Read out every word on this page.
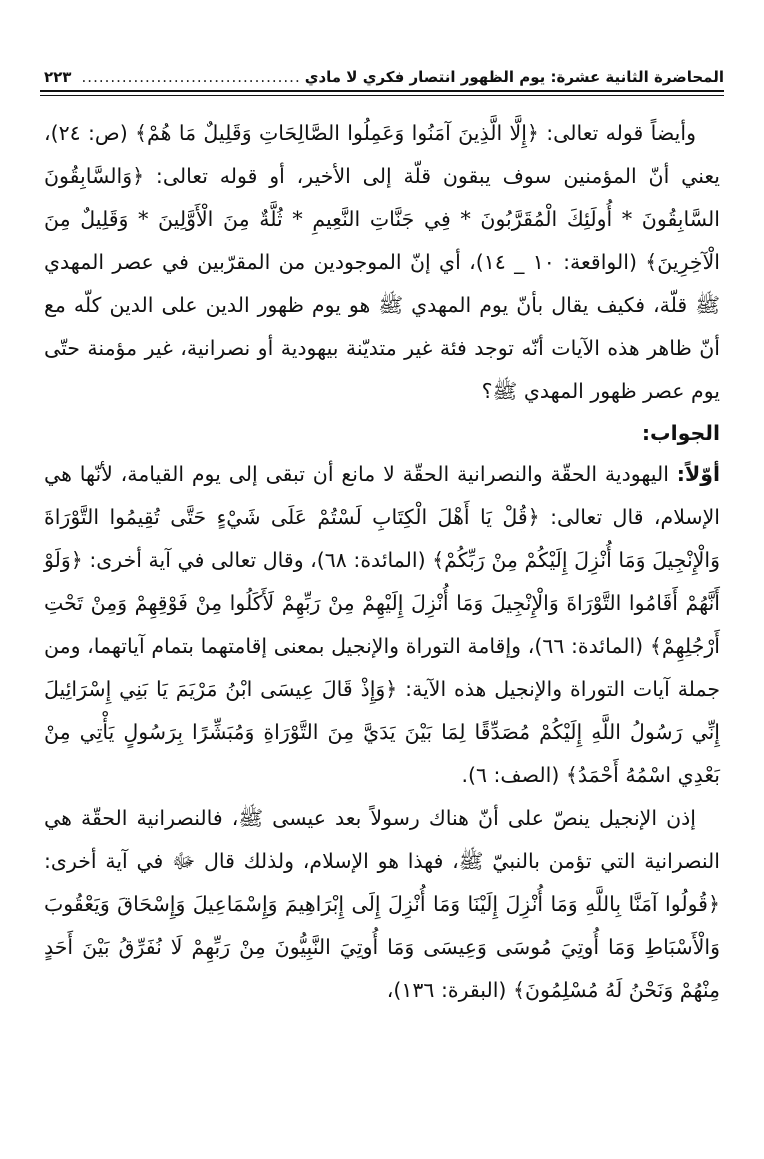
المحاضرة الثانية عشرة: يوم الظهور انتصار فكري لا مادي
......................................
٢٢٣

وأيضاً قوله تعالى: ﴿إِلَّا الَّذِينَ آمَنُوا وَعَمِلُوا الصَّالِحَاتِ وَقَلِيلٌ مَا هُمْ﴾ (ص: ٢٤)، يعني أنّ المؤمنين سوف يبقون قلّة إلى الأخير، أو قوله تعالى: ﴿وَالسَّابِقُونَ السَّابِقُونَ * أُولَئِكَ الْمُقَرَّبُونَ * فِي جَنَّاتِ النَّعِيمِ * ثُلَّةٌ مِنَ الْأَوَّلِينَ * وَقَلِيلٌ مِنَ الْآخِرِينَ﴾ (الواقعة: ١٠ _ ١٤)، أي إنّ الموجودين من المقرّبين في عصر المهدي ﷺ قلّة، فكيف يقال بأنّ يوم المهدي ﷺ هو يوم ظهور الدين على الدين كلّه مع أنّ ظاهر هذه الآيات أنّه توجد فئة غير متديّنة بيهودية أو نصرانية، غير مؤمنة حتّى يوم عصر ظهور المهدي ﷺ؟

الجواب:

أوّلاً: اليهودية الحقّة والنصرانية الحقّة لا مانع أن تبقى إلى يوم القيامة، لأنّها هي الإسلام، قال تعالى: ﴿قُلْ يَا أَهْلَ الْكِتَابِ لَسْتُمْ عَلَى شَيْءٍ حَتَّى تُقِيمُوا التَّوْرَاةَ وَالْإِنْجِيلَ وَمَا أُنْزِلَ إِلَيْكُمْ مِنْ رَبِّكُمْ﴾ (المائدة: ٦٨)، وقال تعالى في آية أخرى: ﴿وَلَوْ أَنَّهُمْ أَقَامُوا التَّوْرَاةَ وَالْإِنْجِيلَ وَمَا أُنْزِلَ إِلَيْهِمْ مِنْ رَبِّهِمْ لَأَكَلُوا مِنْ فَوْقِهِمْ وَمِنْ تَحْتِ أَرْجُلِهِمْ﴾ (المائدة: ٦٦)، وإقامة التوراة والإنجيل بمعنى إقامتهما بتمام آياتهما، ومن جملة آيات التوراة والإنجيل هذه الآية: ﴿وَإِذْ قَالَ عِيسَى ابْنُ مَرْيَمَ يَا بَنِي إِسْرَائِيلَ إِنِّي رَسُولُ اللَّهِ إِلَيْكُمْ مُصَدِّقًا لِمَا بَيْنَ يَدَيَّ مِنَ التَّوْرَاةِ وَمُبَشِّرًا بِرَسُولٍ يَأْتِي مِنْ بَعْدِي اسْمُهُ أَحْمَدُ﴾ (الصف: ٦).

إذن الإنجيل ينصّ على أنّ هناك رسولاً بعد عيسى ﷺ، فالنصرانية الحقّة هي النصرانية التي تؤمن بالنبيّ ﷺ، فهذا هو الإسلام، ولذلك قال ﷻ في آية أخرى: ﴿قُولُوا آمَنَّا بِاللَّهِ وَمَا أُنْزِلَ إِلَيْنَا وَمَا أُنْزِلَ إِلَى إِبْرَاهِيمَ وَإِسْمَاعِيلَ وَإِسْحَاقَ وَيَعْقُوبَ وَالْأَسْبَاطِ وَمَا أُوتِيَ مُوسَى وَعِيسَى وَمَا أُوتِيَ النَّبِيُّونَ مِنْ رَبِّهِمْ لَا نُفَرِّقُ بَيْنَ أَحَدٍ مِنْهُمْ وَنَحْنُ لَهُ مُسْلِمُونَ﴾ (البقرة: ١٣٦)،
